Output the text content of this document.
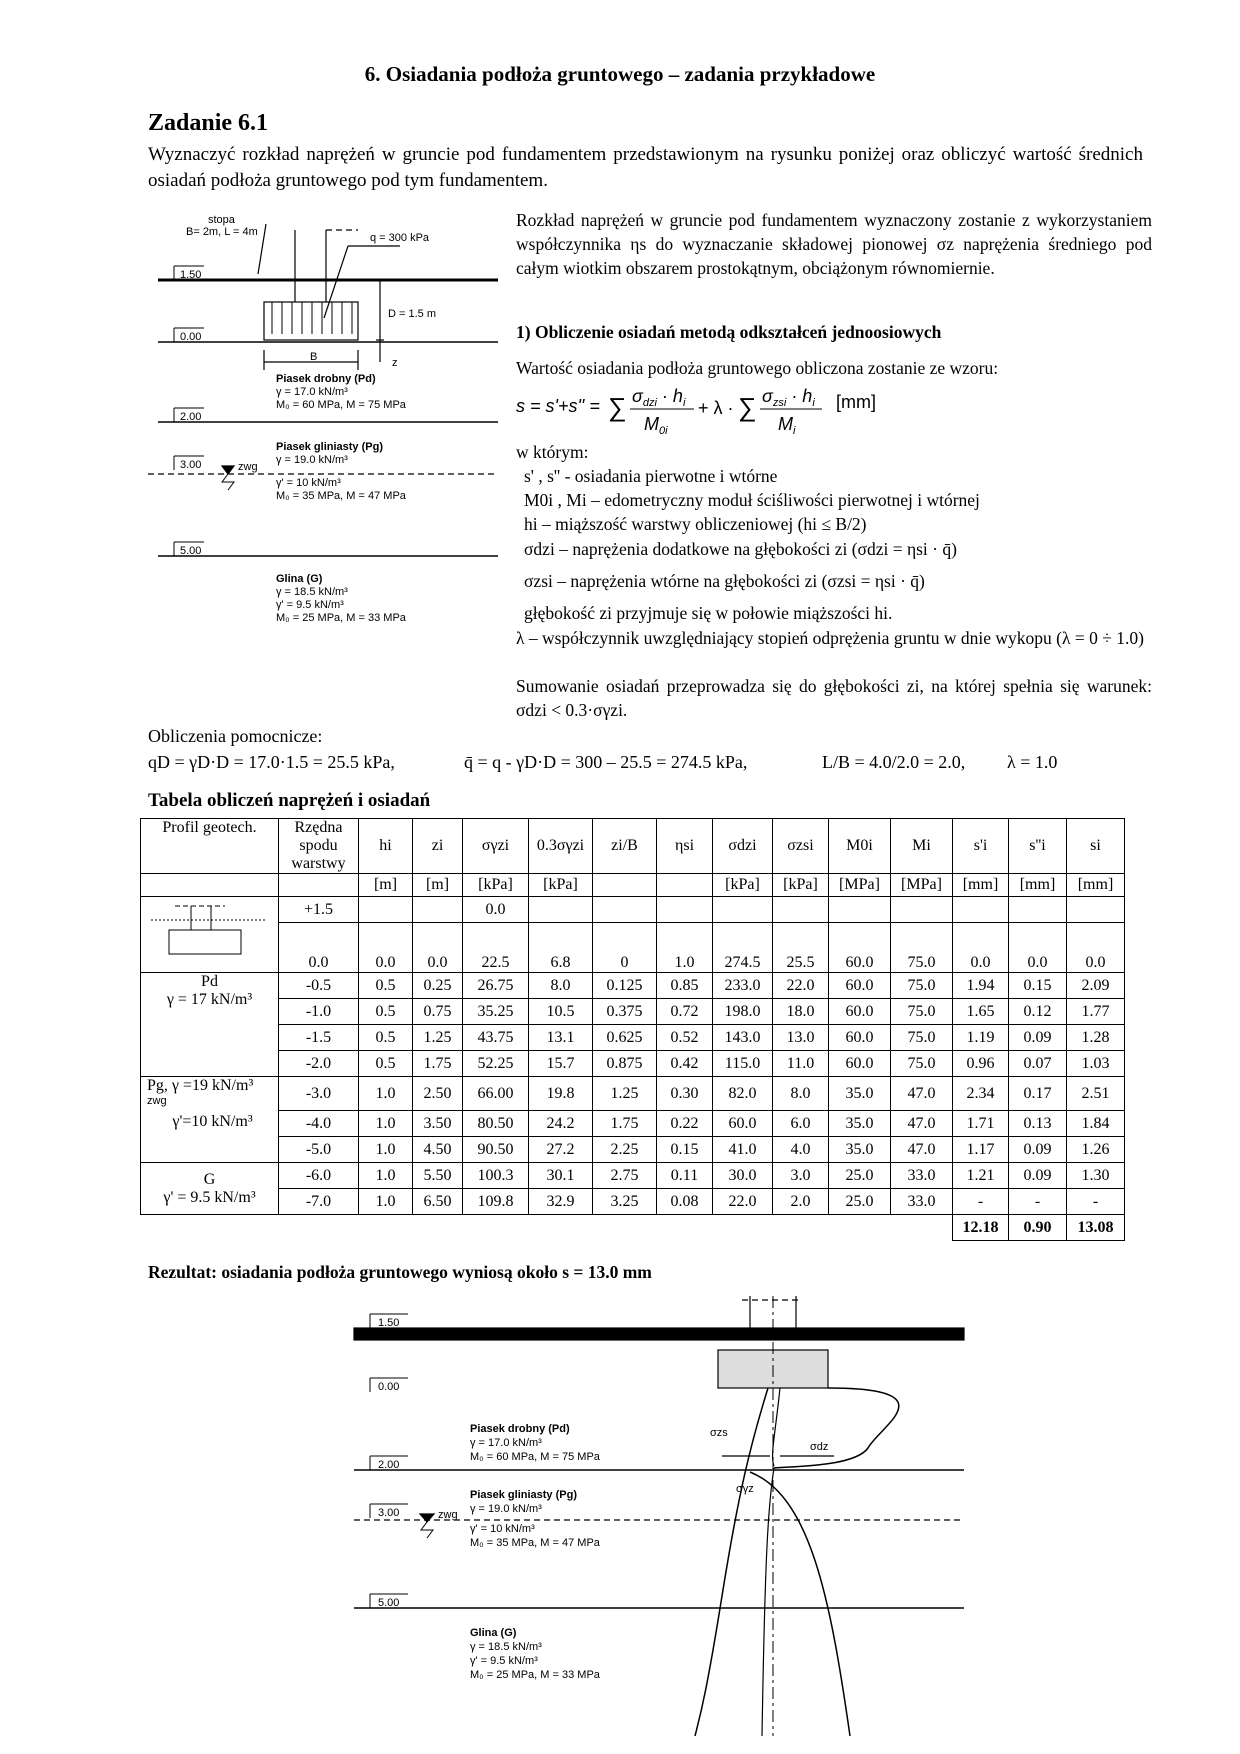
6. Osiadania podłoża gruntowego – zadania przykładowe
Zadanie 6.1
Wyznaczyć rozkład naprężeń w gruncie pod fundamentem przedstawionym na rysunku poniżej oraz obliczyć wartość średnich osiadań podłoża gruntowego pod tym fundamentem.
stopa
B= 2m, L = 4m	q = 300 kPa
D = 1.5 m
B	z
1.50
0.00
2.00
3.00
5.00
zwg
Piasek drobny (Pd)
γ = 17.0 kN/m³
M₀ = 60 MPa, M = 75 MPa
Piasek gliniasty (Pg)
γ = 19.0 kN/m³
γ' = 10 kN/m³
M₀ = 35 MPa, M = 47 MPa
Glina (G)
γ = 18.5 kN/m³
γ' = 9.5 kN/m³
M₀ = 25 MPa, M = 33 MPa
Rozkład naprężeń w gruncie pod fundamentem wyznaczony zostanie z wykorzystaniem współczynnika ηs do wyznaczanie składowej pionowej σz naprężenia średniego pod całym wiotkim obszarem prostokątnym, obciążonym równomiernie.
1) Obliczenie osiadań metodą odkształceń jednoosiowych
Wartość osiadania podłoża gruntowego obliczona zostanie ze wzoru:
s = s'+s'' = ∑ $\sigma_{dzi} \cdot h_i$
$M_{0i}$
+ λ · ∑ $\sigma_{zsi} \cdot h_i$
$M_i$
[mm]
w którym:
s' , s'' - osiadania pierwotne i wtórne
M0i , Mi – edometryczny moduł ściśliwości pierwotnej i wtórnej
hi – miąższość warstwy obliczeniowej (hi ≤ B/2)
σdzi – naprężenia dodatkowe na głębokości zi (σdzi = ηsi · q̄)
σzsi – naprężenia wtórne na głębokości zi (σzsi = ηsi · q̄)
głębokość zi przyjmuje się w połowie miąższości hi.
λ – współczynnik uwzględniający stopień odprężenia gruntu w dnie wykopu (λ = 0 ÷ 1.0)
Sumowanie osiadań przeprowadza się do głębokości zi, na której spełnia się warunek: σdzi < 0.3·σγzi.
Obliczenia pomocnicze:
qD = γD·D = 17.0·1.5 = 25.5 kPa,	q̄ = q - γD·D = 300 – 25.5 = 274.5 kPa,	L/B = 4.0/2.0 = 2.0, λ = 1.0
Tabela obliczeń naprężeń i osiadań
Profil geotech.	Rzędna spodu warstwy	hi	zi	σγzi	0.3σγzi	zi/B	ηsi	σdzi	σzsi	M0i	Mi	s'i	s''i	si
		[m]	[m]	[kPa]	[kPa]			[kPa]	[kPa]	[MPa]	[MPa]	[mm]	[mm]	[mm]
	+1.5			0.0										
	0.0	0.0	0.0	22.5	6.8	0	1.0	274.5	25.5	60.0	75.0	0.0	0.0	0.0

Pd
γ = 17 kN/m³	-0.5	0.5	0.25	26.75	8.0	0.125	0.85	233.0	22.0	60.0	75.0	1.94	0.15	2.09
	-1.0	0.5	0.75	35.25	10.5	0.375	0.72	198.0	18.0	60.0	75.0	1.65	0.12	1.77
	-1.5	0.5	1.25	43.75	13.1	0.625	0.52	143.0	13.0	60.0	75.0	1.19	0.09	1.28
	-2.0	0.5	1.75	52.25	15.7	0.875	0.42	115.0	11.0	60.0	75.0	0.96	0.07	1.03

Pg, γ =19 kN/m³
zwg
γ'=10 kN/m³	-3.0	1.0	2.50	66.00	19.8	1.25	0.30	82.0	8.0	35.0	47.0	2.34	0.17	2.51
	-4.0	1.0	3.50	80.50	24.2	1.75	0.22	60.0	6.0	35.0	47.0	1.71	0.13	1.84
	-5.0	1.0	4.50	90.50	27.2	2.25	0.15	41.0	4.0	35.0	47.0	1.17	0.09	1.26

G
γ' = 9.5 kN/m³	-6.0	1.0	5.50	100.3	30.1	2.75	0.11	30.0	3.0	25.0	33.0	1.21	0.09	1.30
	-7.0	1.0	6.50	109.8	32.9	3.25	0.08	22.0	2.0	25.0	33.0	-	-	-
												12.18	0.90	13.08
Rezultat: osiadania podłoża gruntowego wyniosą około s = 13.0 mm
1.50
0.00
2.00
3.00
5.00
zwg
σzs
σdz
σγz
Piasek drobny (Pd)
γ = 17.0 kN/m³
M₀ = 60 MPa, M = 75 MPa
Piasek gliniasty (Pg)
γ = 19.0 kN/m³
γ' = 10 kN/m³
M₀ = 35 MPa, M = 47 MPa
Glina (G)
γ = 18.5 kN/m³
γ' = 9.5 kN/m³
M₀ = 25 MPa, M = 33 MPa
